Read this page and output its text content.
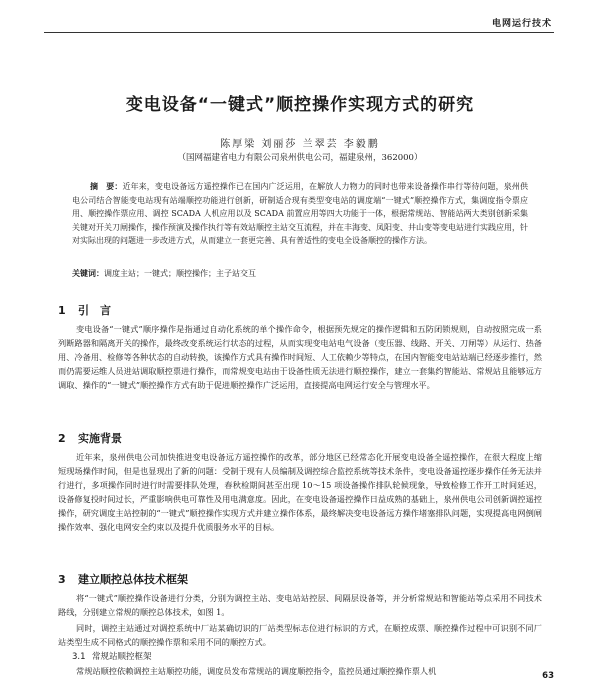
电网运行技术
变电设备“一键式”顺控操作实现方式的研究
陈厚梁 刘丽莎 兰翠芸 李毅鹏
（国网福建省电力有限公司泉州供电公司，福建泉州，362000）
摘　要：近年来，变电设备远方遥控操作已在国内广泛运用，在解放人力物力的同时也带来设备操作串行等待问题，泉州供电公司结合智能变电站现有站端顺控功能进行创新，研制适合现有类型变电站的调度端“一键式”顺控操作方式，集调度指令票应用、顺控操作票应用、调控 SCADA 人机应用以及 SCADA 前置应用等四大功能于一体，根据常规站、智能站两大类别创新采集关键对开关刀闸操作，操作预演及操作执行等有效站顺控主站交互流程，并在丰海变、凤阳变、井山变等变电站进行实践应用，针对实际出现的问题进一步改进方式，从而建立一套更完善、具有普适性的变电全设备顺控的操作方法。
关键词：调度主站；一键式；顺控操作；主子站交互
1 引　言
变电设备“一键式”顺序操作是指通过自动化系统的单个操作命令，根据预先规定的操作逻辑和五防闭锁规则，自动按照完成一系列断路器和隔离开关的操作，最终改变系统运行状态的过程，从而实现变电站电气设备（变压器、线路、开关、刀闸等）从运行、热备用、冷备用、检修等各种状态的自动转换，该操作方式具有操作时间短、人工依赖少等特点，在国内智能变电站站端已经逐步推行，然而仍需要运维人员进站调取顺控票进行操作，而常规变电站由于设备性质无法进行顺控操作，建立一套集约智能站、常规站且能够远方调取、操作的“一键式”顺控操作方式有助于促进顺控操作广泛运用，直接提高电网运行安全与管理水平。
2 实施背景
近年来，泉州供电公司加快推进变电设备远方遥控操作的改革，部分地区已经常态化开展变电设备全遥控操作，在很大程度上缩短现场操作时间，但是也显现出了新的问题：受制于现有人员编制及调控综合监控系统等技术条件，变电设备遥控逐步操作任务无法并行进行，多项操作同时进行时需要排队处理，春秋检期间甚至出现 10～15 项设备操作排队轮候现象，导致检修工作开工时间延迟，设备修复投时间过长，严重影响供电可靠性及用电满意度。因此，在变电设备遥控操作日益成熟的基础上，泉州供电公司创新调控遥控操作，研究调度主站控制的“一键式”顺控操作实现方式并建立操作体系，最终解决变电设备远方操作堵塞排队问题，实现提高电网倒闸操作效率、强化电网安全约束以及提升优质服务水平的目标。
3 建立顺控总体技术框架
将“一键式”顺控操作设备进行分类，分别为调控主站、变电站站控层、间隔层设备等，并分析常规站和智能站等点采用不同技术路线，分别建立常规的顺控总体技术，如图 1。
同时，调控主站通过对调控系统中厂站某确切识的厂站类型标志位进行标识的方式，在顺控成票、顺控操作过程中可识别不同厂站类型生成不同格式的顺控操作票和采用不同的顺控方式。
3.1 常规站顺控框架
常规站顺控依赖调控主站顺控功能，调度员发布常规站的调度顺控指令，监控员通过顺控操作票人机	63
